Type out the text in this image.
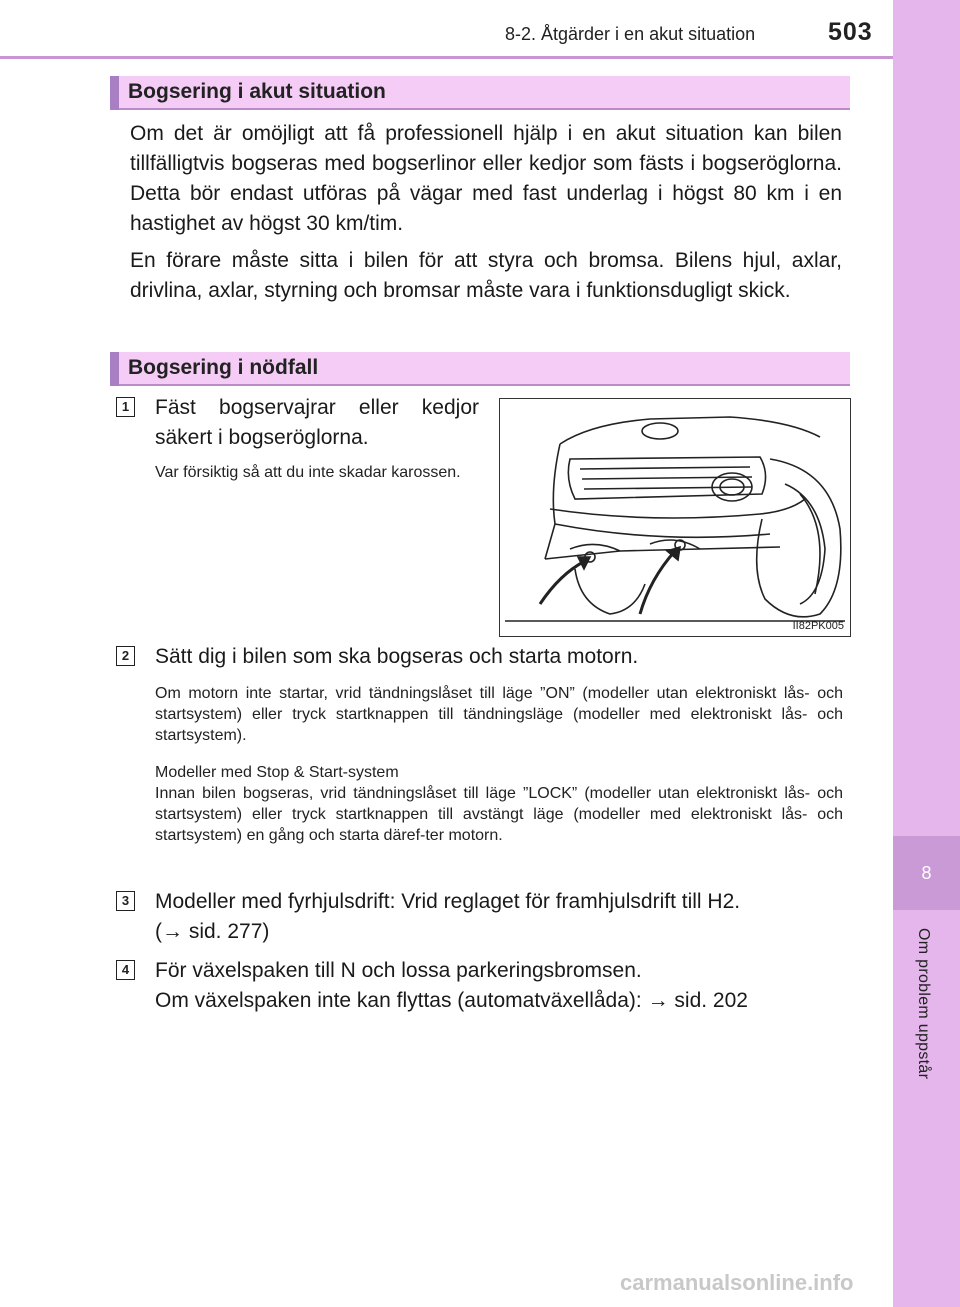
8-2. Åtgärder i en akut situation	503
8
Om problem uppstår
Bogsering i akut situation
Om det är omöjligt att få professionell hjälp i en akut situation kan bilen tillfälligtvis bogseras med bogserlinor eller kedjor som fästs i bogseröglorna. Detta bör endast utföras på vägar med fast underlag i högst 80 km i en hastighet av högst 30 km/tim.
En förare måste sitta i bilen för att styra och bromsa. Bilens hjul, axlar, drivlina, axlar, styrning och bromsar måste vara i funktionsdugligt skick.
Bogsering i nödfall
1 Fäst bogservajrar eller kedjor säkert i bogseröglorna.
Var försiktig så att du inte skadar karossen.
II82PK005
2 Sätt dig i bilen som ska bogseras och starta motorn.
Om motorn inte startar, vrid tändningslåset till läge ”ON” (modeller utan elektroniskt lås- och startsystem) eller tryck startknappen till tändningsläge (modeller med elektroniskt lås- och startsystem).
Modeller med Stop & Start-system
Innan bilen bogseras, vrid tändningslåset till läge ”LOCK” (modeller utan elektroniskt lås- och startsystem) eller tryck startknappen till avstängt läge (modeller med elektroniskt lås- och startsystem) en gång och starta däref-ter motorn.
3 Modeller med fyrhjulsdrift: Vrid reglaget för framhjulsdrift till H2.
(→ sid. 277)
4 För växelspaken till N och lossa parkeringsbromsen.
Om växelspaken inte kan flyttas (automatväxellåda): → sid. 202
carmanualsonline.info
